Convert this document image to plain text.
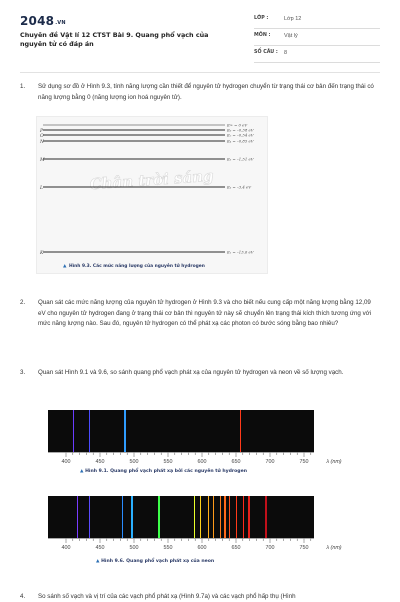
2048.VN
Chuyên đề Vật lí 12 CTST Bài 9. Quang phổ vạch của nguyên tử có đáp án
LỚP :	Lớp 12
MÔN : Vật lý
SỐ CÂU : 8
1. Sử dụng sơ đồ ở Hình 9.3, tính năng lượng cần thiết để nguyên tử hydrogen chuyển từ trạng thái cơ bản đến trạng thái có năng lượng bằng 0 (năng lượng ion hoá nguyên tử).
Chân trời sáng
E∞ = 0 eV
P	E₆ = –0,38 eV
O	E₅ = –0,54 eV
N	E₄ = –0,85 eV
M	E₃ = –1,51 eV
L	E₂ = –3,4 eV
K	E₁ = –13,6 eV
▲ Hình 9.3. Các mức năng lượng của nguyên tử hydrogen
2. Quan sát các mức năng lượng của nguyên tử hydrogen ở Hình 9.3 và cho biết nếu cung cấp một năng lượng bằng 12,09 eV cho nguyên tử hydrogen đang ở trạng thái cơ bản thì nguyên tử này sẽ chuyển lên trạng thái kích thích tương ứng với mức năng lượng nào. Sau đó, nguyên tử hydrogen có thể phát xạ các photon có bước sóng bằng bao nhiêu?
3. Quan sát Hình 9.1 và 9.6, so sánh quang phổ vạch phát xạ của nguyên tử hydrogen và neon về số lượng vạch.
400	450	500	550	600	650	700	750	λ (nm)
▲ Hình 9.1. Quang phổ vạch phát xạ bởi các nguyên tử hydrogen
400	450	500	550	600	650	700	750	λ (nm)
▲ Hình 9.6. Quang phổ vạch phát xạ của neon
4. So sánh số vạch và vị trí của các vạch phổ phát xạ (Hình 9.7a) và các vạch phổ hấp thụ (Hình
